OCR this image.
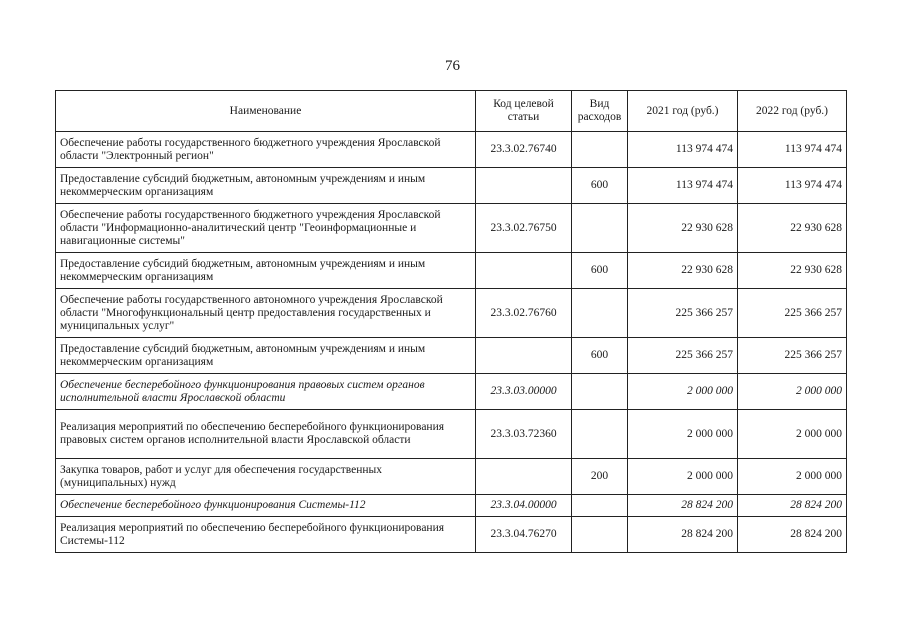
76
Наименование	Код целевой статьи	Вид расходов	2021 год (руб.)	2022 год (руб.)
Обеспечение работы государственного бюджетного учреждения Ярославской области "Электронный регион"	23.3.02.76740		113 974 474	113 974 474
Предоставление субсидий бюджетным, автономным учреждениям и иным некоммерческим организациям		600	113 974 474	113 974 474
Обеспечение работы государственного бюджетного учреждения Ярославской области "Информационно-аналитический центр "Геоинформационные и навигационные системы"	23.3.02.76750		22 930 628	22 930 628
Предоставление субсидий бюджетным, автономным учреждениям и иным некоммерческим организациям		600	22 930 628	22 930 628
Обеспечение работы государственного автономного учреждения Ярославской области "Многофункциональный центр предоставления государственных и муниципальных услуг"	23.3.02.76760		225 366 257	225 366 257
Предоставление субсидий бюджетным, автономным учреждениям и иным некоммерческим организациям		600	225 366 257	225 366 257
Обеспечение бесперебойного функционирования правовых систем органов исполнительной власти Ярославской области	23.3.03.00000		2 000 000	2 000 000
Реализация мероприятий по обеспечению бесперебойного функционирования правовых систем органов исполнительной власти Ярославской области	23.3.03.72360		2 000 000	2 000 000
Закупка товаров, работ и услуг для обеспечения государственных (муниципальных) нужд		200	2 000 000	2 000 000
Обеспечение бесперебойного функционирования Системы-112	23.3.04.00000		28 824 200	28 824 200
Реализация мероприятий по обеспечению бесперебойного функционирования Системы-112	23.3.04.76270		28 824 200	28 824 200
